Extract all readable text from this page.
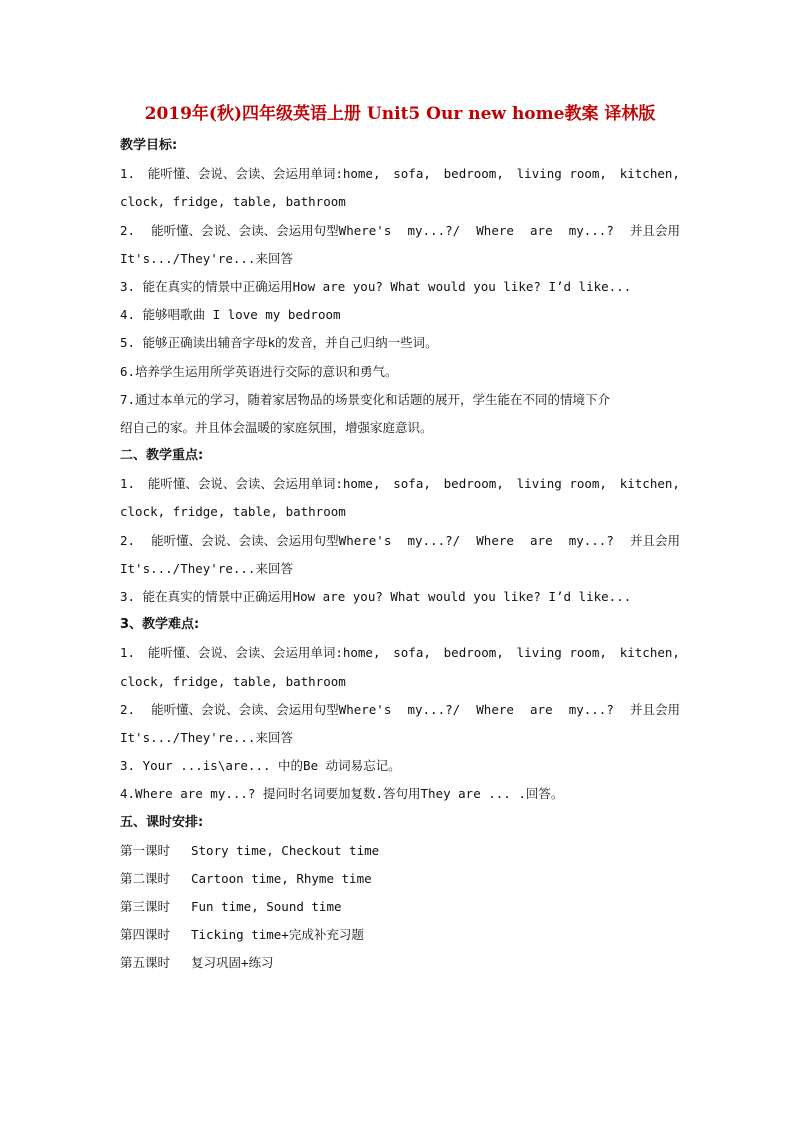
2019年(秋)四年级英语上册 Unit5 Our new home教案 译林版
教学目标:
1. 能听懂、会说、会读、会运用单词:home, sofa, bedroom, living room, kitchen,
clock, fridge, table, bathroom
2. 能听懂、会说、会读、会运用句型Where's my...?/ Where are my...? 并且会用
It's.../They're...来回答
3. 能在真实的情景中正确运用How are you? What would you like? I’d like...
4. 能够唱歌曲 I love my bedroom
5. 能够正确读出辅音字母k的发音，并自己归纳一些词。
6.培养学生运用所学英语进行交际的意识和勇气。
7.通过本单元的学习，随着家居物品的场景变化和话题的展开，学生能在不同的情境下介
绍自己的家。并且体会温暖的家庭氛围，增强家庭意识。
二、教学重点:
1. 能听懂、会说、会读、会运用单词:home, sofa, bedroom, living room, kitchen,
clock, fridge, table, bathroom
2. 能听懂、会说、会读、会运用句型Where's my...?/ Where are my...? 并且会用
It's.../They're...来回答
3. 能在真实的情景中正确运用How are you? What would you like? I’d like...
3、教学难点:
1. 能听懂、会说、会读、会运用单词:home, sofa, bedroom, living room, kitchen,
clock, fridge, table, bathroom
2. 能听懂、会说、会读、会运用句型Where's my...?/ Where are my...? 并且会用
It's.../They're...来回答
3. Your ...is\are... 中的Be 动词易忘记。
4.Where are my...? 提问时名词要加复数.答句用They are ... .回答。
五、课时安排:
第一课时	Story time, Checkout time
第二课时	Cartoon time, Rhyme time
第三课时	Fun time, Sound time
第四课时	Ticking time+完成补充习题
第五课时	复习巩固+练习
